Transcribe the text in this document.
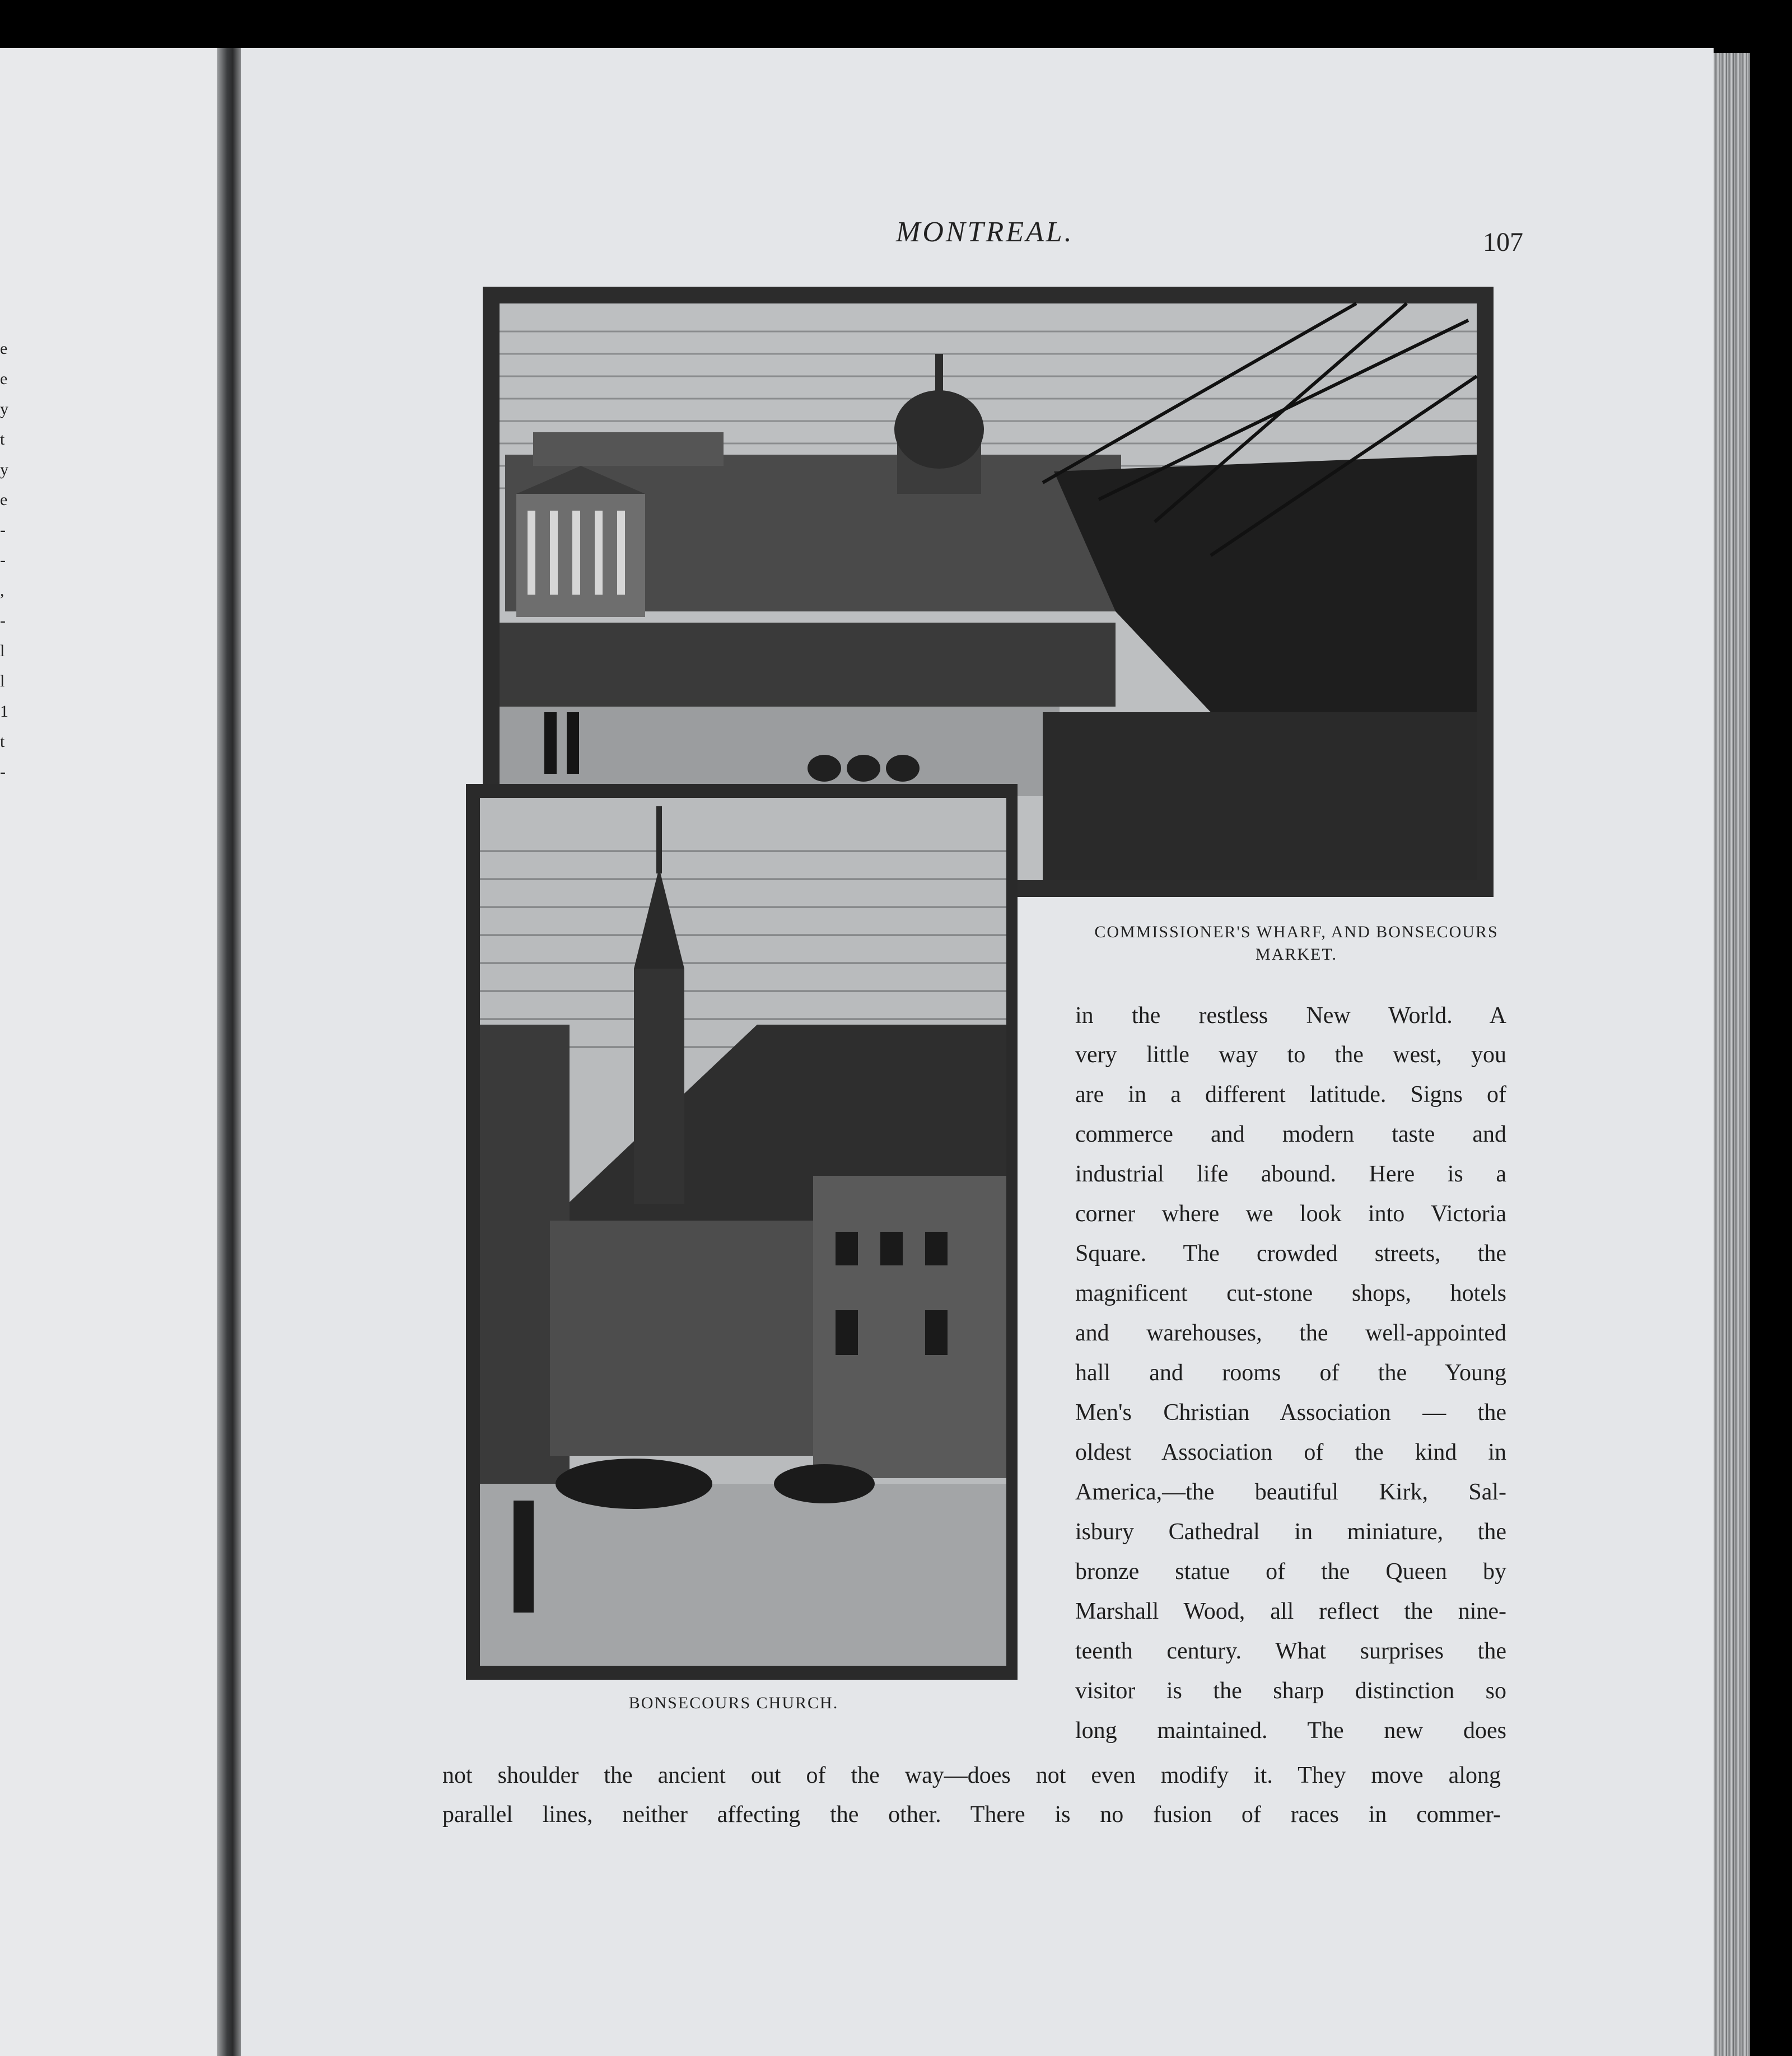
e
e
y
t
y
e
-
-
,
-
l
l
1
t
-
MONTREAL.	107
COMMISSIONER'S WHARF, AND BONSECOURS MARKET.
BONSECOURS CHURCH.
in the restless New World. A
very little way to the west, you
are in a different latitude. Signs of
commerce and modern taste and
industrial life abound. Here is a
corner where we look into Victoria
Square. The crowded streets, the
magnificent cut-stone shops, hotels
and warehouses, the well-appointed
hall and rooms of the Young
Men's Christian Association — the
oldest Association of the kind in
America,—the beautiful Kirk, Sal-
isbury Cathedral in miniature, the
bronze statue of the Queen by
Marshall Wood, all reflect the nine-
teenth century. What surprises the
visitor is the sharp distinction so
long maintained. The new does
not shoulder the ancient out of the way—does not even modify it. They move along
parallel lines, neither affecting the other. There is no fusion of races in commer-
